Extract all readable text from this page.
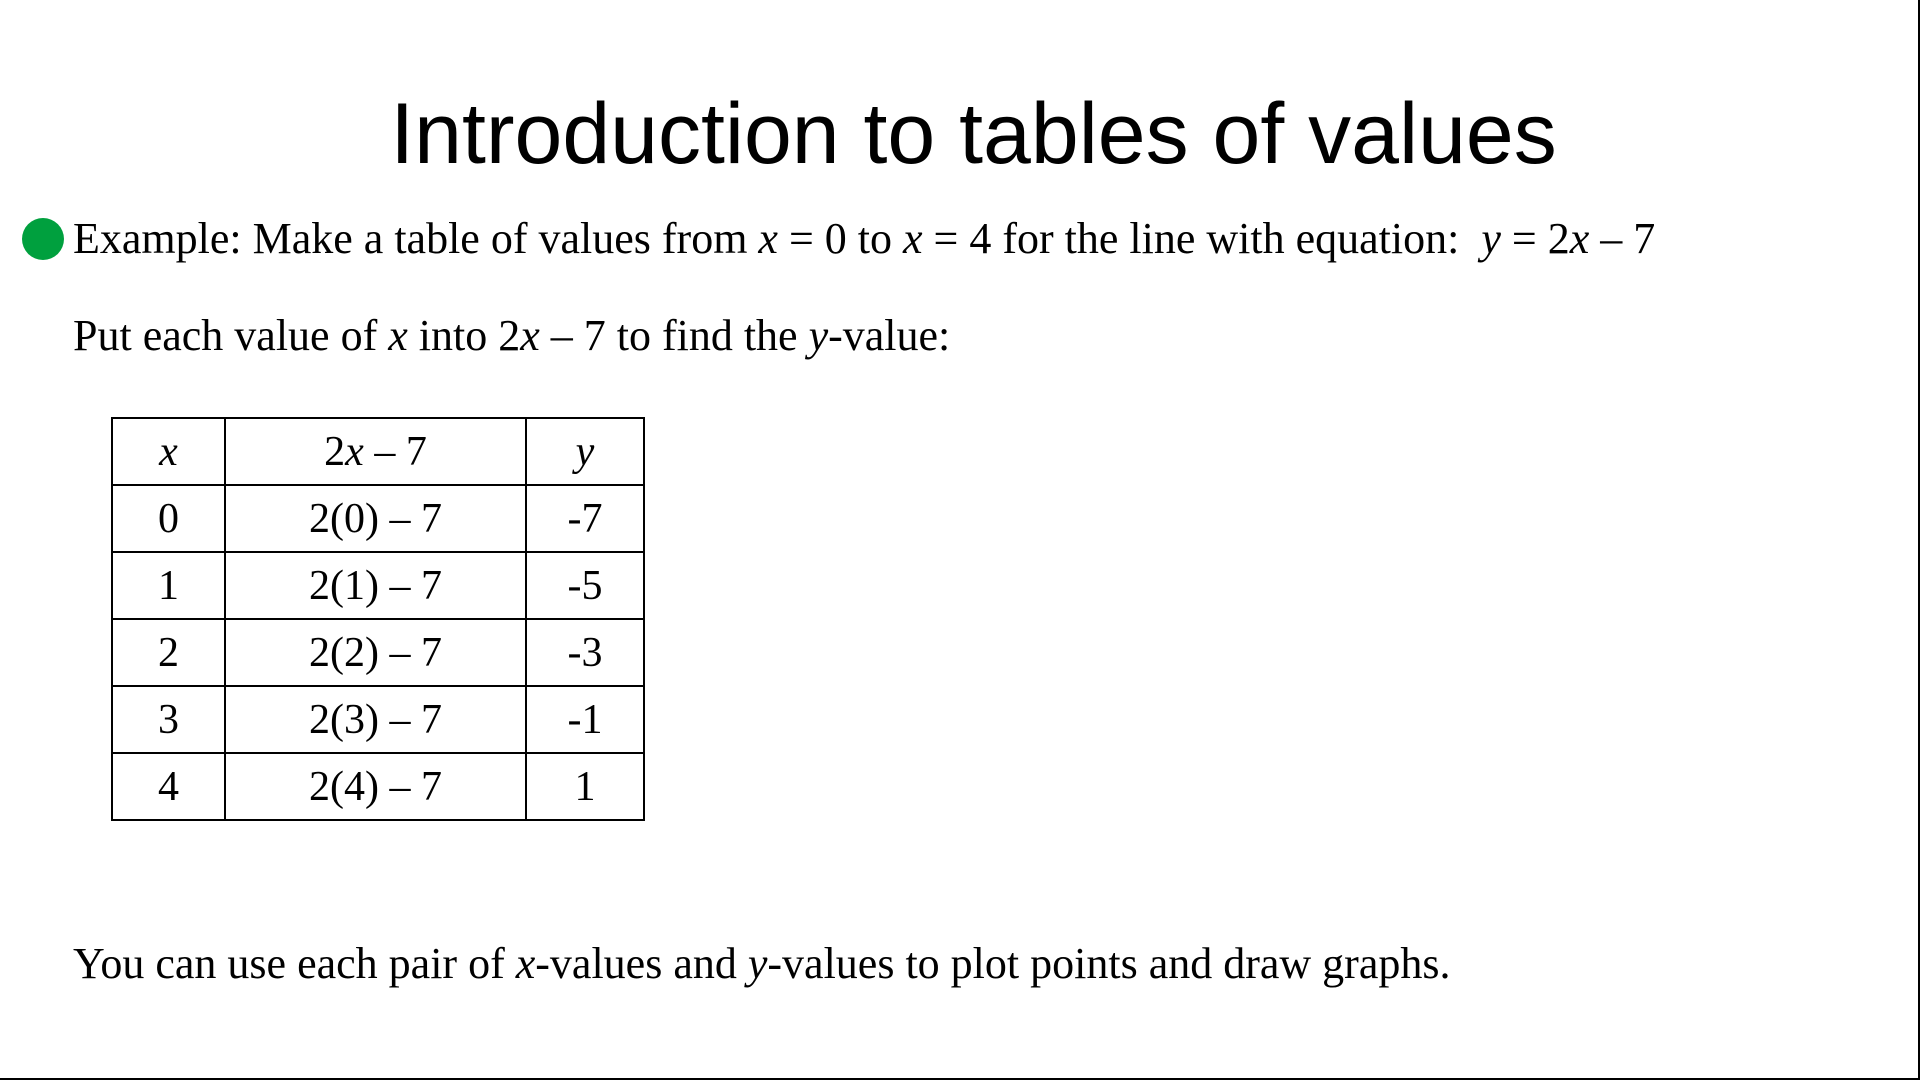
Introduction to tables of values
Example: Make a table of values from x = 0 to x = 4 for the line with equation:  y = 2x – 7
Put each value of x into 2x – 7 to find the y-value:
x	2x – 7	y
0	2(0) – 7	-7
1	2(1) – 7	-5
2	2(2) – 7	-3
3	2(3) – 7	-1
4	2(4) – 7	1
You can use each pair of x-values and y-values to plot points and draw graphs.
